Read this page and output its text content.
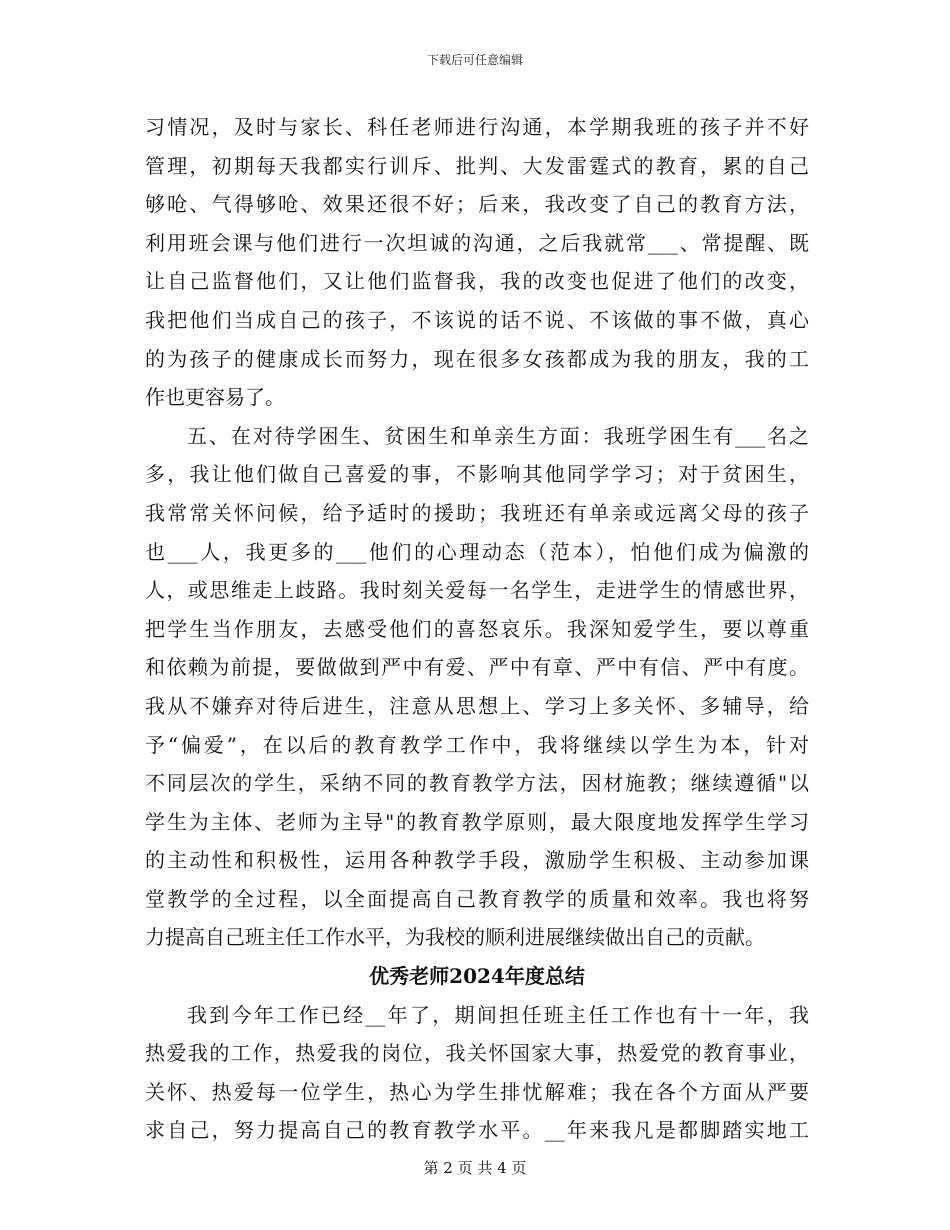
下载后可任意编辑
习情况，及时与家长、科任老师进行沟通，本学期我班的孩子并不好
管理，初期每天我都实行训斥、批判、大发雷霆式的教育，累的自己
够呛、气得够呛、效果还很不好；后来，我改变了自己的教育方法，
利用班会课与他们进行一次坦诚的沟通，之后我就常___、常提醒、既
让自己监督他们，又让他们监督我，我的改变也促进了他们的改变，
我把他们当成自己的孩子，不该说的话不说、不该做的事不做，真心
的为孩子的健康成长而努力，现在很多女孩都成为我的朋友，我的工
作也更容易了。
五、在对待学困生、贫困生和单亲生方面：我班学困生有___名之
多，我让他们做自己喜爱的事，不影响其他同学学习；对于贫困生，
我常常关怀问候，给予适时的援助；我班还有单亲或远离父母的孩子
也___人，我更多的___他们的心理动态（范本），怕他们成为偏激的
人，或思维走上歧路。我时刻关爱每一名学生，走进学生的情感世界，
把学生当作朋友，去感受他们的喜怒哀乐。我深知爱学生，要以尊重
和依赖为前提，要做做到严中有爱、严中有章、严中有信、严中有度。
我从不嫌弃对待后进生，注意从思想上、学习上多关怀、多辅导，给
予“偏爱”，在以后的教育教学工作中，我将继续以学生为本，针对
不同层次的学生，采纳不同的教育教学方法，因材施教；继续遵循"以
学生为主体、老师为主导"的教育教学原则，最大限度地发挥学生学习
的主动性和积极性，运用各种教学手段，激励学生积极、主动参加课
堂教学的全过程，以全面提高自己教育教学的质量和效率。我也将努
力提高自己班主任工作水平，为我校的顺利进展继续做出自己的贡献。
优秀老师2024年度总结
我到今年工作已经__年了，期间担任班主任工作也有十一年，我
热爱我的工作，热爱我的岗位，我关怀国家大事，热爱党的教育事业，
关怀、热爱每一位学生，热心为学生排忧解难；我在各个方面从严要
求自己，努力提高自己的教育教学水平。__年来我凡是都脚踏实地工
第 2 页 共 4 页
